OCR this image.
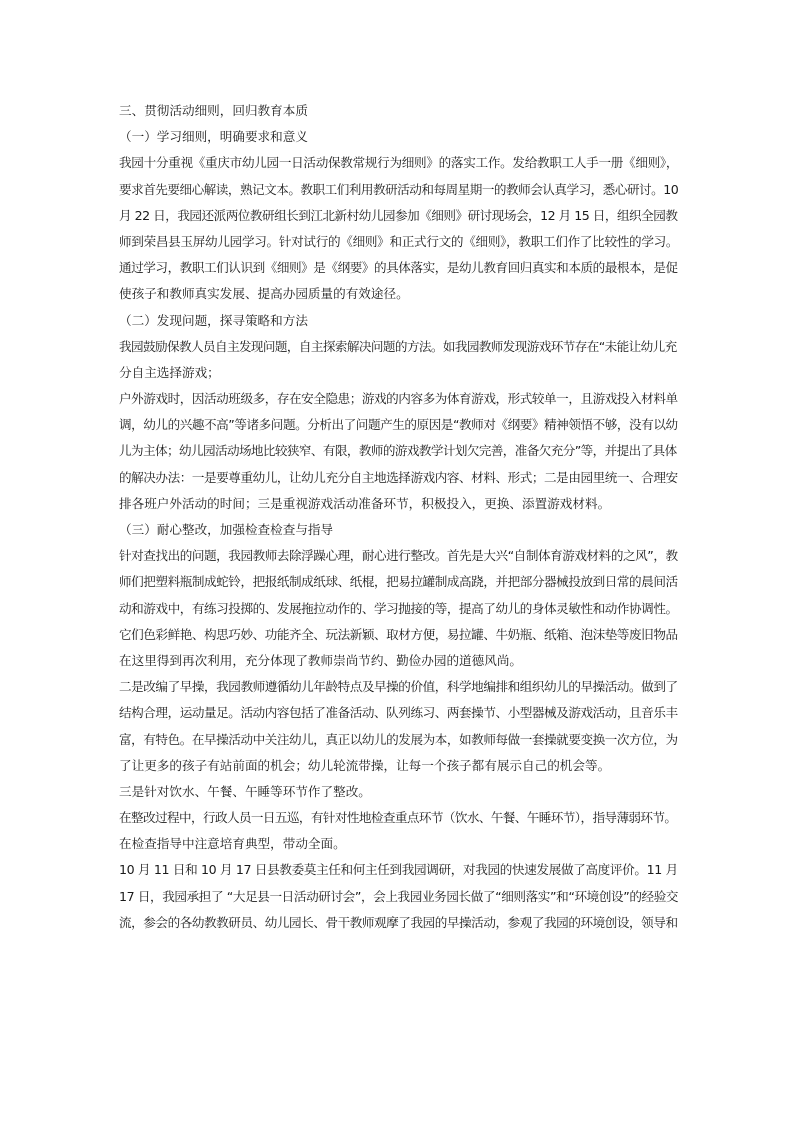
三、贯彻活动细则，回归教育本质
（一）学习细则，明确要求和意义
我园十分重视《重庆市幼儿园一日活动保教常规行为细则》的落实工作。发给教职工人手一册《细则》，
要求首先要细心解读，熟记文本。教职工们利用教研活动和每周星期一的教师会认真学习，悉心研讨。10
月 22 日，我园还派两位教研组长到江北新村幼儿园参加《细则》研讨现场会，12 月 15 日，组织全园教
师到荣昌县玉屏幼儿园学习。针对试行的《细则》和正式行文的《细则》，教职工们作了比较性的学习。
通过学习，教职工们认识到《细则》是《纲要》的具体落实，是幼儿教育回归真实和本质的最根本，是促
使孩子和教师真实发展、提高办园质量的有效途径。
（二）发现问题，探寻策略和方法
我园鼓励保教人员自主发现问题，自主探索解决问题的方法。如我园教师发现游戏环节存在“未能让幼儿充
分自主选择游戏；
户外游戏时，因活动班级多，存在安全隐患；游戏的内容多为体育游戏，形式较单一，且游戏投入材料单
调，幼儿的兴趣不高”等诸多问题。分析出了问题产生的原因是“教师对《纲要》精神领悟不够，没有以幼
儿为主体；幼儿园活动场地比较狭窄、有限，教师的游戏教学计划欠完善，准备欠充分”等，并提出了具体
的解决办法：一是要尊重幼儿，让幼儿充分自主地选择游戏内容、材料、形式；二是由园里统一、合理安
排各班户外活动的时间；三是重视游戏活动准备环节，积极投入，更换、添置游戏材料。
（三）耐心整改，加强检查检查与指导
针对查找出的问题，我园教师去除浮躁心理，耐心进行整改。首先是大兴“自制体育游戏材料的之风”，教
师们把塑料瓶制成蛇铃，把报纸制成纸球、纸棍，把易拉罐制成高跷，并把部分器械投放到日常的晨间活
动和游戏中，有练习投掷的、发展拖拉动作的、学习抛接的等，提高了幼儿的身体灵敏性和动作协调性。
它们色彩鲜艳、构思巧妙、功能齐全、玩法新颖、取材方便，易拉罐、牛奶瓶、纸箱、泡沫垫等废旧物品
在这里得到再次利用，充分体现了教师崇尚节约、勤俭办园的道德风尚。
二是改编了早操，我园教师遵循幼儿年龄特点及早操的价值，科学地编排和组织幼儿的早操活动。做到了
结构合理，运动量足。活动内容包括了准备活动、队列练习、两套操节、小型器械及游戏活动，且音乐丰
富，有特色。在早操活动中关注幼儿，真正以幼儿的发展为本，如教师每做一套操就要变换一次方位，为
了让更多的孩子有站前面的机会；幼儿轮流带操，让每一个孩子都有展示自己的机会等。
三是针对饮水、午餐、午睡等环节作了整改。
在整改过程中，行政人员一日五巡，有针对性地检查重点环节（饮水、午餐、午睡环节），指导薄弱环节。
在检查指导中注意培育典型，带动全面。
10 月 11 日和 10 月 17 日县教委莫主任和何主任到我园调研，对我园的快速发展做了高度评价。11 月
17 日，我园承担了 “大足县一日活动研讨会”，会上我园业务园长做了“细则落实”和“环境创设”的经验交
流，参会的各幼教教研员、幼儿园长、骨干教师观摩了我园的早操活动，参观了我园的环境创设，领导和
